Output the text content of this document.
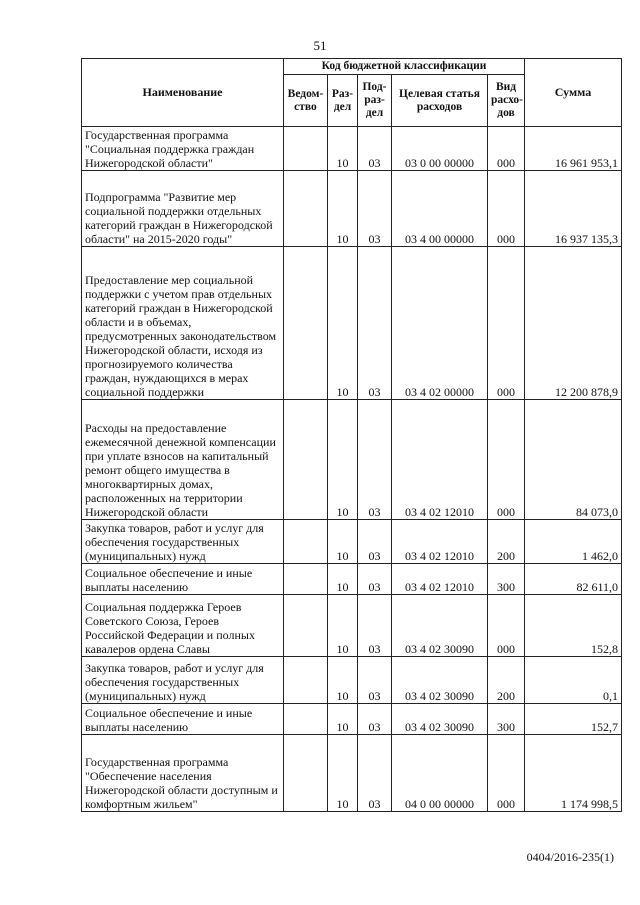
51
Наименование	Код бюджетной классификации					Сумма
	Ведом- ство	Раз- дел	Под- раз- дел	Целевая статья расходов	Вид расхо- дов	
Государственная программа "Социальная поддержка граждан Нижегородской области"		10	03	03 0 00 00000	000	16 961 953,1
Подпрограмма "Развитие мер социальной поддержки отдельных категорий граждан в Нижегородской области" на 2015-2020 годы"		10	03	03 4 00 00000	000	16 937 135,3
Предоставление мер социальной поддержки с учетом прав отдельных категорий граждан в Нижегородской области и в объемах, предусмотренных законодательством Нижегородской области, исходя из прогнозируемого количества граждан, нуждающихся в мерах социальной поддержки		10	03	03 4 02 00000	000	12 200 878,9
Расходы на предоставление ежемесячной денежной компенсации при уплате взносов на капитальный ремонт общего имущества в многоквартирных домах, расположенных на территории Нижегородской области		10	03	03 4 02 12010	000	84 073,0
Закупка товаров, работ и услуг для обеспечения государственных (муниципальных) нужд		10	03	03 4 02 12010	200	1 462,0
Социальное обеспечение и иные выплаты населению		10	03	03 4 02 12010	300	82 611,0
Социальная поддержка Героев Советского Союза, Героев Российской Федерации и полных кавалеров ордена Славы		10	03	03 4 02 30090	000	152,8
Закупка товаров, работ и услуг для обеспечения государственных (муниципальных) нужд		10	03	03 4 02 30090	200	0,1
Социальное обеспечение и иные выплаты населению		10	03	03 4 02 30090	300	152,7
Государственная программа "Обеспечение населения Нижегородской области доступным и комфортным жильем"		10	03	04 0 00 00000	000	1 174 998,5
0404/2016-235(1)
